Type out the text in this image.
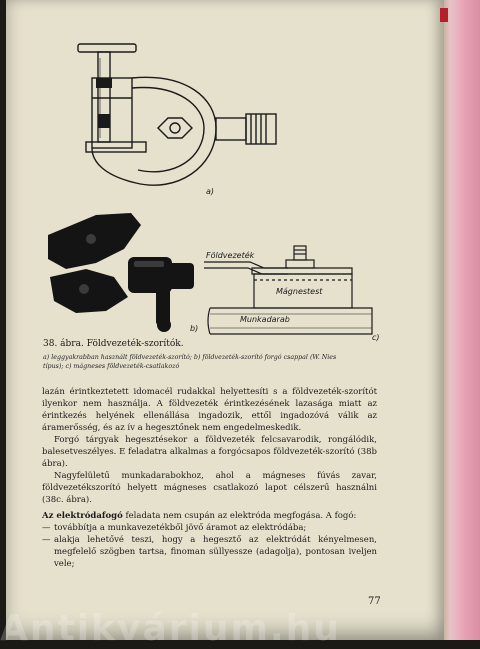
a)
b)
Földvezeték
Mágnestest
Munkadarab
c)
38. ábra. Földvezeték-szorítók.
a) leggyakrabban használt földvezeték-szorító; b) földvezeték-szorító forgó csappal (W. Nies
típus); c) mágneses földvezeték-csatlakozó

lazán érintkeztetett idomacél rudakkal helyettesíti s a földvezeték-szorítót ilyenkor nem használja. A földvezeték érintkezésének lazasága miatt az érintkezés helyének ellenállása ingadozik, ettől ingadozóvá válik az áramerősség, és az ív a hegesztőnek nem engedelmeskedik.

Forgó tárgyak hegesztésekor a földvezeték felcsavarodik, rongálódik, balesetveszélyes. E feladatra alkalmas a forgócsapos földvezeték-szorító (38b ábra).

Nagyfelületű munkadarabokhoz, ahol a mágneses fúvás zavar, földvezetékszorító helyett mágneses csatlakozó lapot célszerű használni (38c. ábra).

Az elektródafogó feladata nem csupán az elektróda megfogása. A fogó:

— továbbítja a munkavezetékből jövő áramot az elektródába;
— alakja lehetővé teszi, hogy a hegesztő az elektródát kényelmesen, megfelelő szögben tartsa, finoman süllyessze (adagolja), pontosan iveljen vele;
77
Antikvárium.hu
